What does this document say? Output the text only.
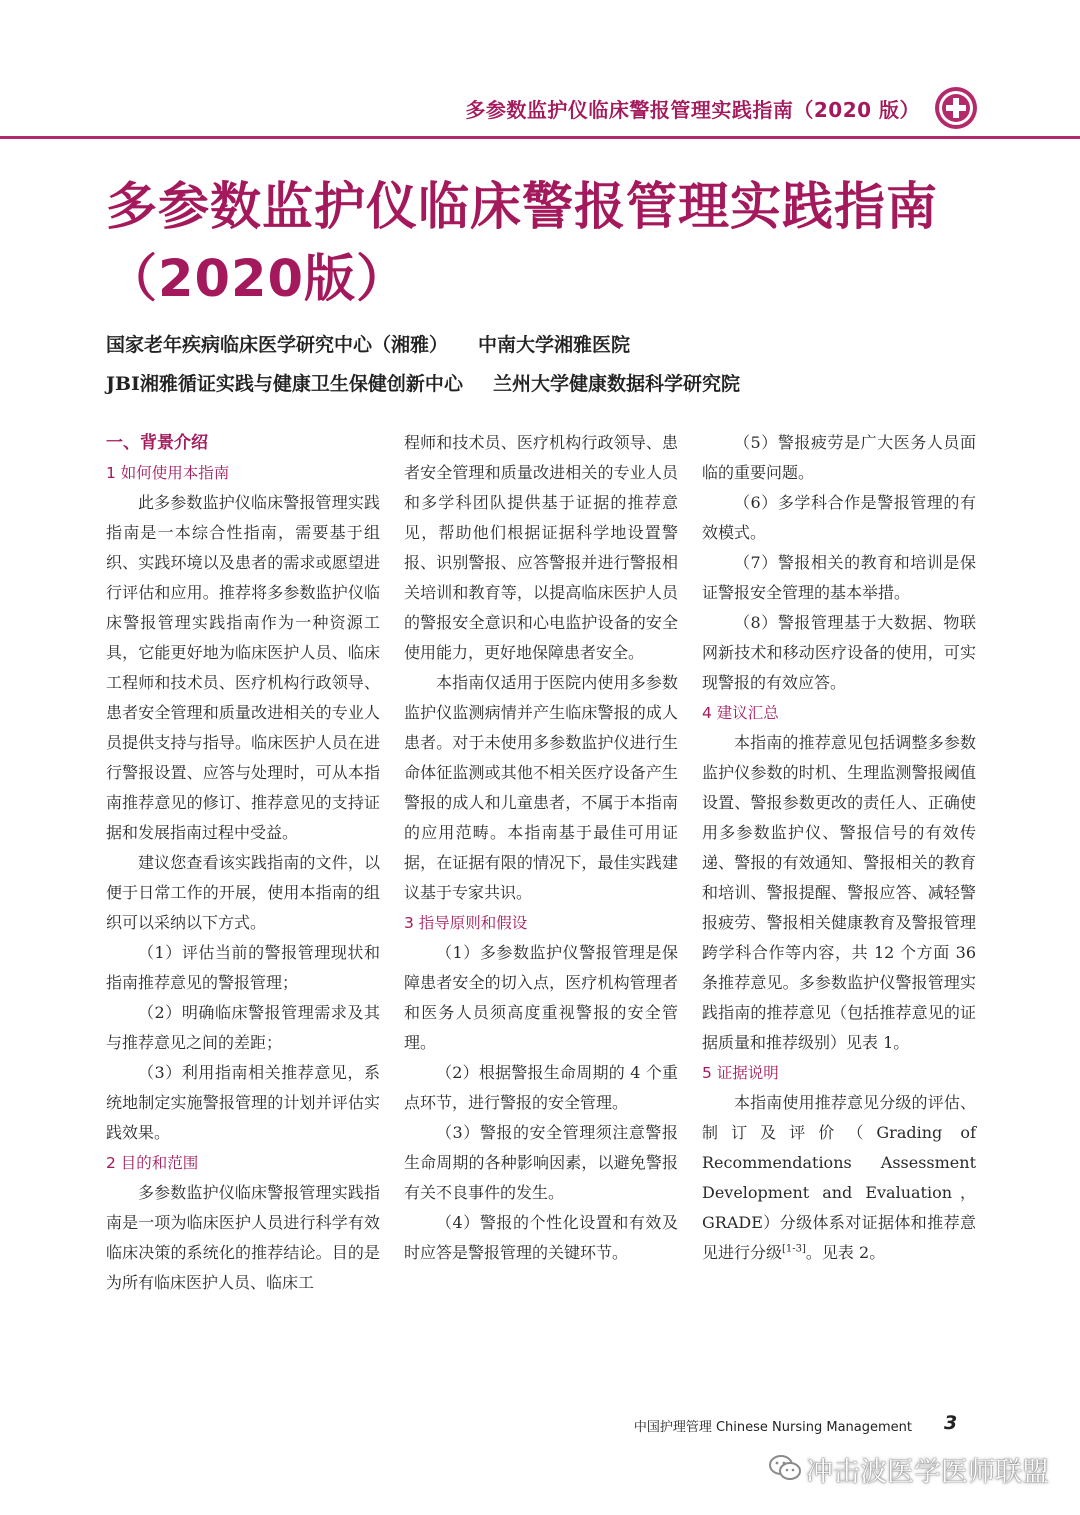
多参数监护仪临床警报管理实践指南（2020 版）
多参数监护仪临床警报管理实践指南
（2020版）
国家老年疾病临床医学研究中心（湘雅） 中南大学湘雅医院
JBI湘雅循证实践与健康卫生保健创新中心 兰州大学健康数据科学研究院

一、背景介绍

1 如何使用本指南

此多参数监护仪临床警报管理实践指南是一本综合性指南，需要基于组织、实践环境以及患者的需求或愿望进行评估和应用。推荐将多参数监护仪临床警报管理实践指南作为一种资源工具，它能更好地为临床医护人员、临床工程师和技术员、医疗机构行政领导、患者安全管理和质量改进相关的专业人员提供支持与指导。临床医护人员在进行警报设置、应答与处理时，可从本指南推荐意见的修订、推荐意见的支持证据和发展指南过程中受益。

建议您查看该实践指南的文件，以便于日常工作的开展，使用本指南的组织可以采纳以下方式。

（1）评估当前的警报管理现状和指南推荐意见的警报管理；

（2）明确临床警报管理需求及其与推荐意见之间的差距；

（3）利用指南相关推荐意见，系统地制定实施警报管理的计划并评估实践效果。

2 目的和范围

多参数监护仪临床警报管理实践指南是一项为临床医护人员进行科学有效临床决策的系统化的推荐结论。目的是为所有临床医护人员、临床工

程师和技术员、医疗机构行政领导、患者安全管理和质量改进相关的专业人员和多学科团队提供基于证据的推荐意见，帮助他们根据证据科学地设置警报、识别警报、应答警报并进行警报相关培训和教育等，以提高临床医护人员的警报安全意识和心电监护设备的安全使用能力，更好地保障患者安全。

本指南仅适用于医院内使用多参数监护仪监测病情并产生临床警报的成人患者。对于未使用多参数监护仪进行生命体征监测或其他不相关医疗设备产生警报的成人和儿童患者，不属于本指南的应用范畴。本指南基于最佳可用证据，在证据有限的情况下，最佳实践建议基于专家共识。

3 指导原则和假设

（1）多参数监护仪警报管理是保障患者安全的切入点，医疗机构管理者和医务人员须高度重视警报的安全管理。

（2）根据警报生命周期的 4 个重点环节，进行警报的安全管理。

（3）警报的安全管理须注意警报生命周期的各种影响因素，以避免警报有关不良事件的发生。

（4）警报的个性化设置和有效及时应答是警报管理的关键环节。

（5）警报疲劳是广大医务人员面临的重要问题。

（6）多学科合作是警报管理的有效模式。

（7）警报相关的教育和培训是保证警报安全管理的基本举措。

（8）警报管理基于大数据、物联网新技术和移动医疗设备的使用，可实现警报的有效应答。

4 建议汇总

本指南的推荐意见包括调整多参数监护仪参数的时机、生理监测警报阈值设置、警报参数更改的责任人、正确使用多参数监护仪、警报信号的有效传递、警报的有效通知、警报相关的教育和培训、警报提醒、警报应答、减轻警报疲劳、警报相关健康教育及警报管理跨学科合作等内容，共 12 个方面 36 条推荐意见。多参数监护仪警报管理实践指南的推荐意见（包括推荐意见的证据质量和推荐级别）见表 1。

5 证据说明

本指南使用推荐意见分级的评估、制订及评价（Grading of Recommendations Assessment Development and Evaluation，GRADE）分级体系对证据体和推荐意见进行分级[1-3]。见表 2。

中国护理管理 Chinese Nursing Management 3
冲击波医学医师联盟
